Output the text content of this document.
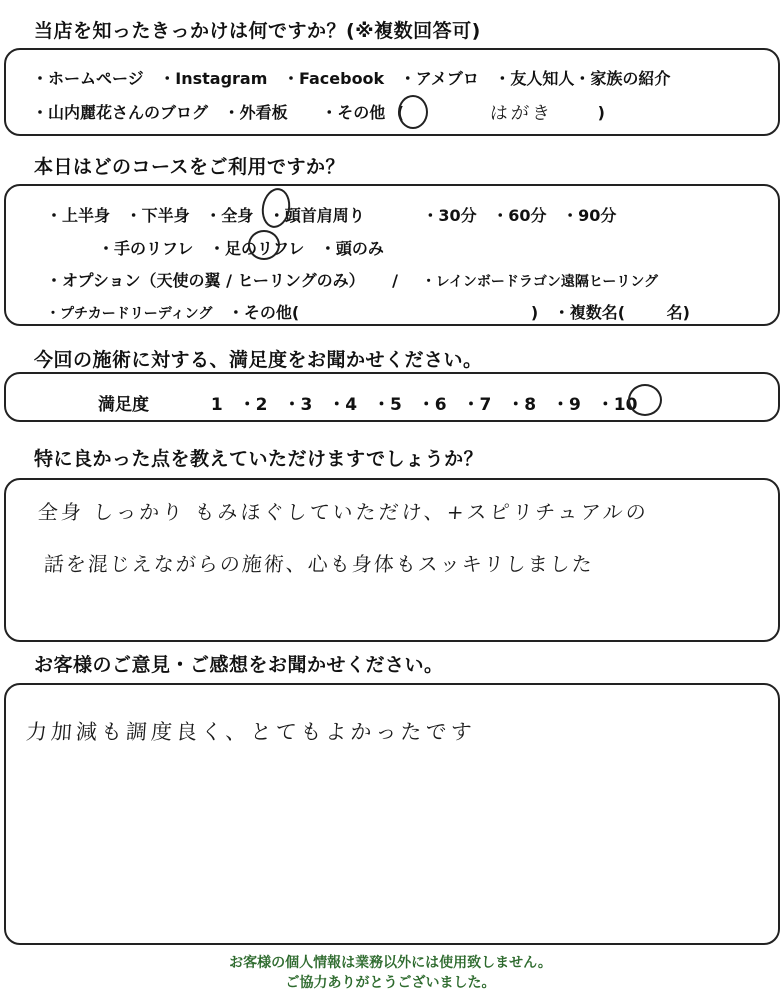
当店を知ったきっかけは何ですか？(※複数回答可)
・ホームページ ・Instagram ・Facebook ・アメブロ ・友人知人・家族の紹介
・山内麗花さんのブログ ・外看板 ・その他 (	)
はがき
本日はどのコースをご利用ですか？
・上半身 ・下半身 ・全身 ・頭首肩周り	・30分 ・60分 ・90分
・手のリフレ ・足のリフレ ・頭のみ
・オプション（天使の翼 / ヒーリングのみ） / ・レインボードラゴン遠隔ヒーリング
・プチカードリーディング ・その他(	) ・複数名(	名)
今回の施術に対する、満足度をお聞かせください。
満足度	1 ・2 ・3 ・4 ・5 ・6 ・7 ・8 ・9 ・10
特に良かった点を教えていただけますでしょうか？
全身 しっかり もみほぐしていただけ、+スピリチュアルの
話を混じえながらの施術、心も身体もスッキリしました
お客様のご意見・ご感想をお聞かせください。
力加減も調度良く、とてもよかったです
お客様の個人情報は業務以外には使用致しません。
ご協力ありがとうございました。
